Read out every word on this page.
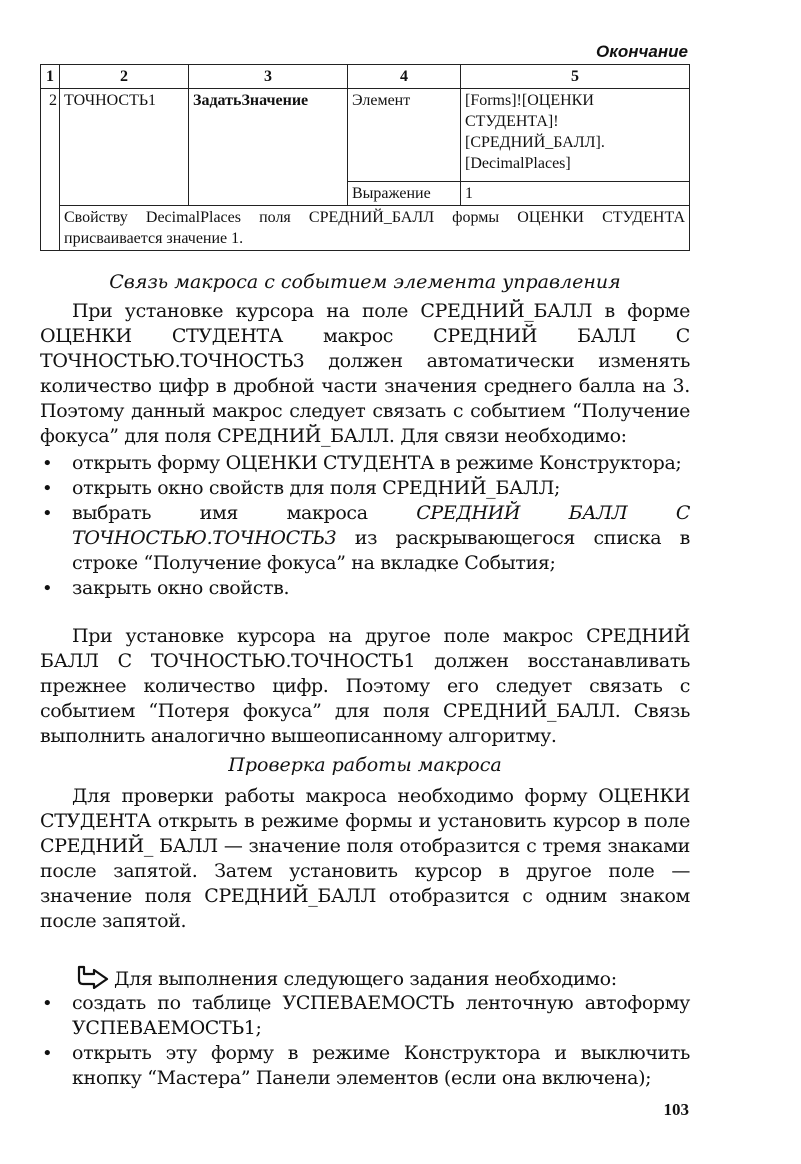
Окончание
1	2	3	4	5
2	ТОЧНОСТЬ1	ЗадатьЗначение	Элемент	[Forms]![ОЦЕНКИ
СТУДЕНТА]!
[СРЕДНИЙ_БАЛЛ].
[DecimalPlaces]

			Выражение	1
	Свойству DecimalPlaces поля СРЕДНИЙ_БАЛЛ формы ОЦЕНКИ СТУДЕНТА присваивается значение 1.			
Связь макроса с событием элемента управления

При установке курсора на поле СРЕДНИЙ_БАЛЛ в форме ОЦЕНКИ СТУДЕНТА макрос СРЕДНИЙ БАЛЛ С ТОЧНОСТЬЮ.ТОЧНОСТЬ3 должен автоматически изменять количество цифр в дробной части значения среднего балла на 3. Поэтому данный макрос следует связать с событием “Получение фокуса” для поля СРЕДНИЙ_БАЛЛ. Для связи необходимо:

• открыть форму ОЦЕНКИ СТУДЕНТА в режиме Конструктора;
• открыть окно свойств для поля СРЕДНИЙ_БАЛЛ;
• выбрать имя макроса СРЕДНИЙ БАЛЛ С ТОЧНОСТЬЮ.ТОЧНОСТЬ3 из раскрывающегося списка в строке “Получение фокуса” на вкладке События;
• закрыть окно свойств.

При установке курсора на другое поле макрос СРЕДНИЙ БАЛЛ С ТОЧНОСТЬЮ.ТОЧНОСТЬ1 должен восстанавливать прежнее количество цифр. Поэтому его следует связать с событием “Потеря фокуса” для поля СРЕДНИЙ_БАЛЛ. Связь выполнить аналогично вышеописанному алгоритму.

Проверка работы макроса

Для проверки работы макроса необходимо форму ОЦЕНКИ СТУДЕНТА открыть в режиме формы и установить курсор в поле СРЕДНИЙ_ БАЛЛ — значение поля отобразится с тремя знаками после запятой. Затем установить курсор в другое поле — значение поля СРЕДНИЙ_БАЛЛ отобразится с одним знаком после запятой.

Для выполнения следующего задания необходимо:
• создать по таблице УСПЕВАЕМОСТЬ ленточную автоформу УСПЕВАЕМОСТЬ1;
• открыть эту форму в режиме Конструктора и выключить кнопку “Мастера” Панели элементов (если она включена);
103
